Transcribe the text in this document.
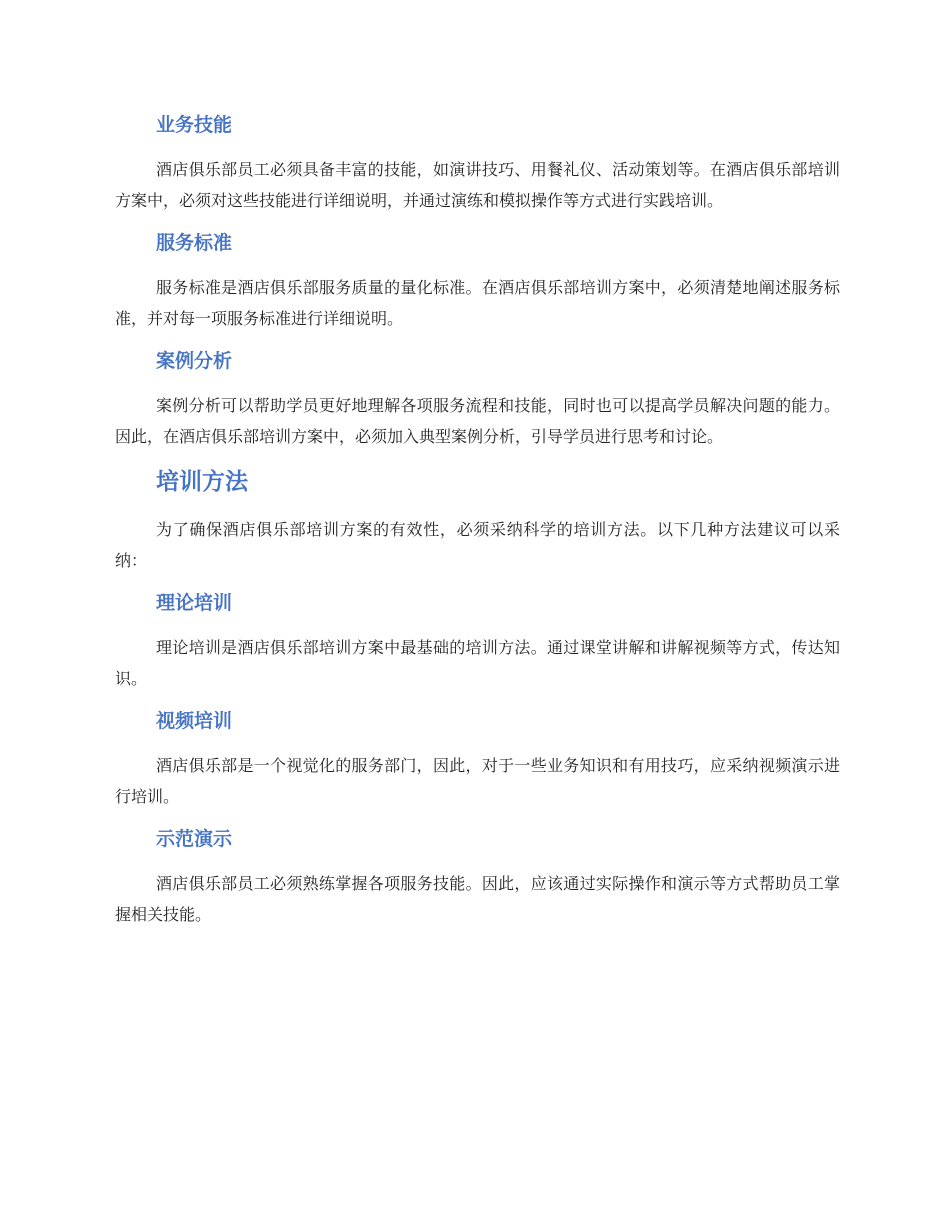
业务技能

酒店俱乐部员工必须具备丰富的技能，如演讲技巧、用餐礼仪、活动策划等。在酒店俱乐部培训方案中，必须对这些技能进行详细说明，并通过演练和模拟操作等方式进行实践培训。

服务标准

服务标准是酒店俱乐部服务质量的量化标准。在酒店俱乐部培训方案中，必须清楚地阐述服务标准，并对每一项服务标准进行详细说明。

案例分析

案例分析可以帮助学员更好地理解各项服务流程和技能，同时也可以提高学员解决问题的能力。因此，在酒店俱乐部培训方案中，必须加入典型案例分析，引导学员进行思考和讨论。

培训方法

为了确保酒店俱乐部培训方案的有效性，必须采纳科学的培训方法。以下几种方法建议可以采纳：

理论培训

理论培训是酒店俱乐部培训方案中最基础的培训方法。通过课堂讲解和讲解视频等方式，传达知识。

视频培训

酒店俱乐部是一个视觉化的服务部门，因此，对于一些业务知识和有用技巧，应采纳视频演示进行培训。

示范演示

酒店俱乐部员工必须熟练掌握各项服务技能。因此，应该通过实际操作和演示等方式帮助员工掌握相关技能。
